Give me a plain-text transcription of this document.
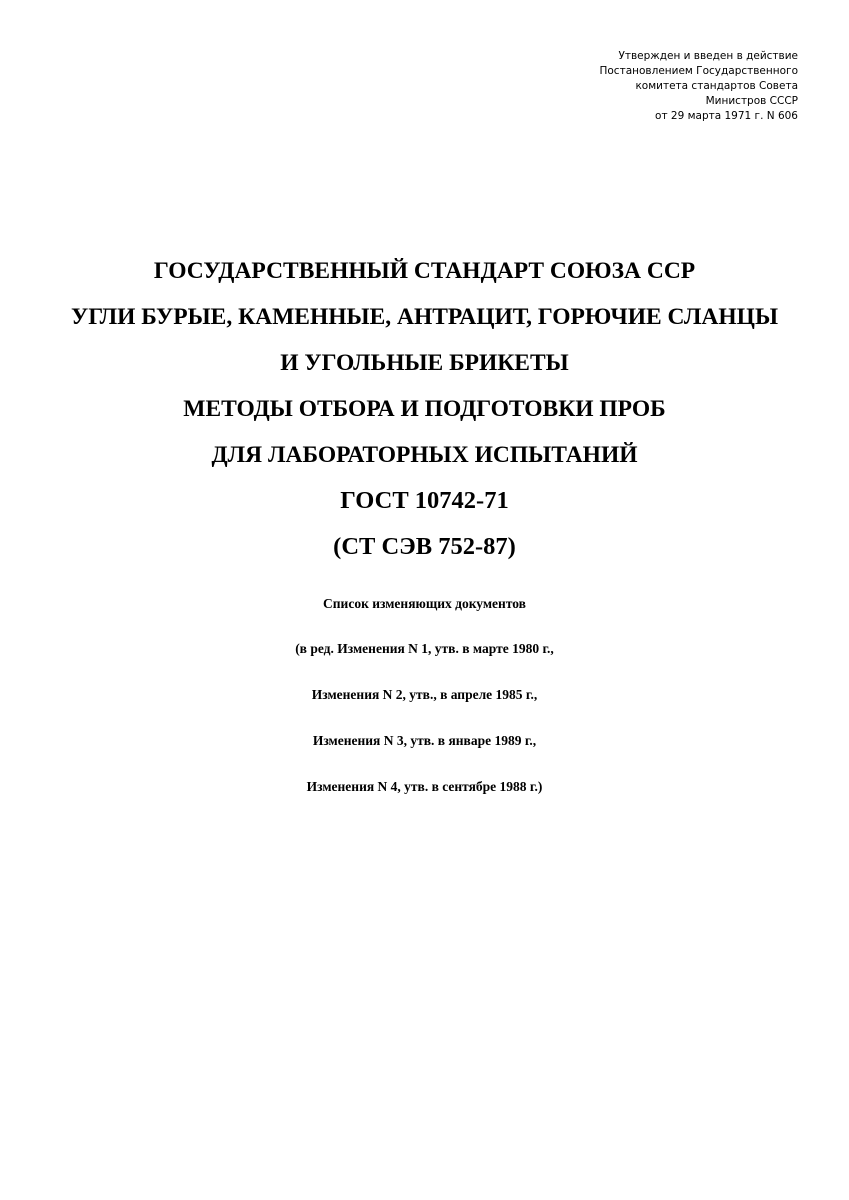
Утвержден и введен в действие
Постановлением Государственного
комитета стандартов Совета
Министров СССР
от 29 марта 1971 г. N 606
ГОСУДАРСТВЕННЫЙ СТАНДАРТ СОЮЗА ССР
УГЛИ БУРЫЕ, КАМЕННЫЕ, АНТРАЦИТ, ГОРЮЧИЕ СЛАНЦЫ
И УГОЛЬНЫЕ БРИКЕТЫ
МЕТОДЫ ОТБОРА И ПОДГОТОВКИ ПРОБ
ДЛЯ ЛАБОРАТОРНЫХ ИСПЫТАНИЙ
ГОСТ 10742-71
(СТ СЭВ 752-87)
Список изменяющих документов
(в ред. Изменения N 1, утв. в марте 1980 г.,
Изменения N 2, утв., в апреле 1985 г.,
Изменения N 3, утв. в январе 1989 г.,
Изменения N 4, утв. в сентябре 1988 г.)
